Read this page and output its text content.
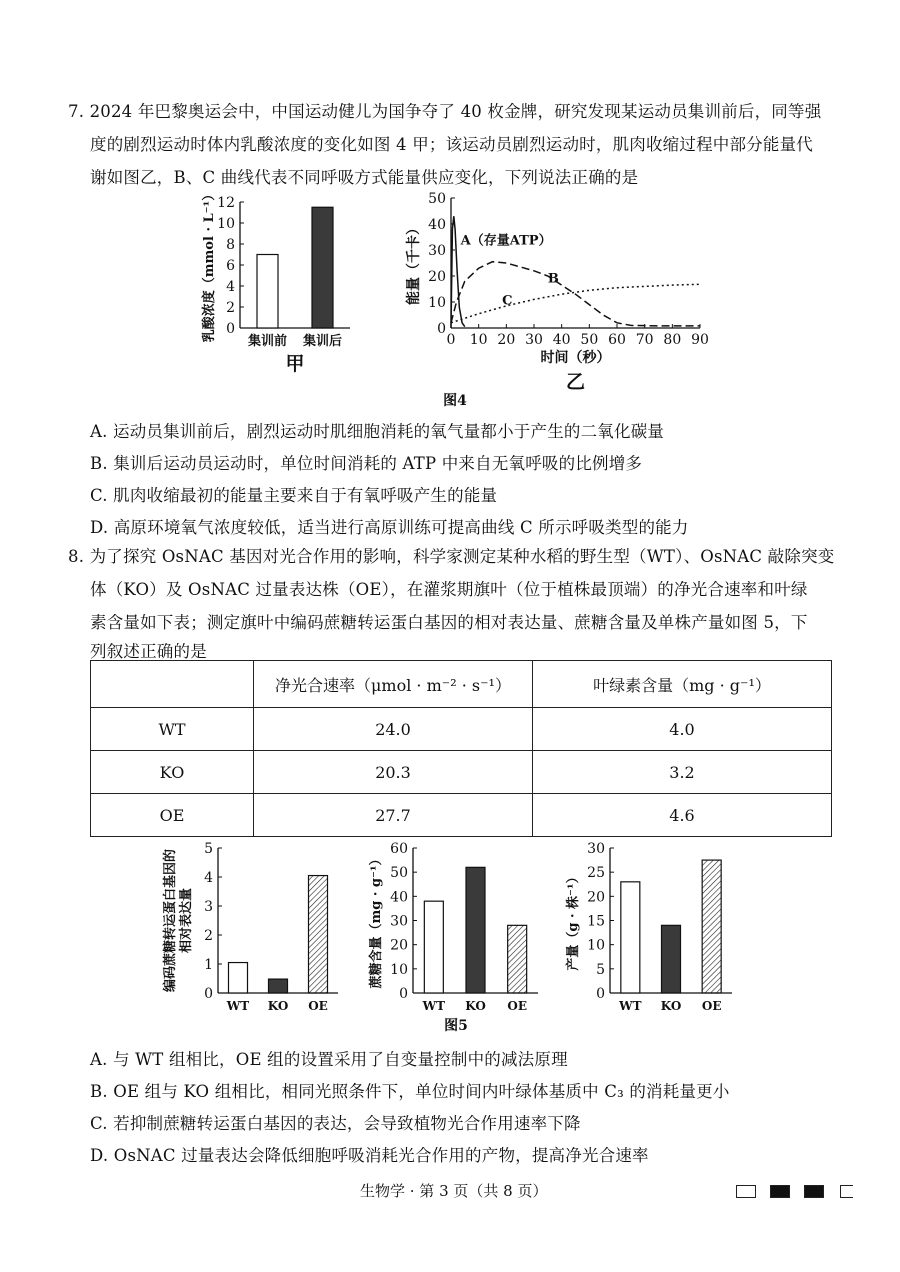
7. 2024 年巴黎奥运会中，中国运动健儿为国争夺了 40 枚金牌，研究发现某运动员集训前后，同等强
度的剧烈运动时体内乳酸浓度的变化如图 4 甲；该运动员剧烈运动时，肌肉收缩过程中部分能量代
谢如图乙，B、C 曲线代表不同呼吸方式能量供应变化，下列说法正确的是
0
2
4
6
8
10
12
集训前 集训后
乳酸浓度（mmol · L⁻¹）
甲
0
10
20
30
40
50
0 10 20 30 40 50 60 70 80 90
A（存量ATP）
B
C
时间（秒）
能量（千卡）
乙
图4
A. 运动员集训前后，剧烈运动时肌细胞消耗的氧气量都小于产生的二氧化碳量
B. 集训后运动员运动时，单位时间消耗的 ATP 中来自无氧呼吸的比例增多
C. 肌肉收缩最初的能量主要来自于有氧呼吸产生的能量
D. 高原环境氧气浓度较低，适当进行高原训练可提高曲线 C 所示呼吸类型的能力
8. 为了探究 OsNAC 基因对光合作用的影响，科学家测定某种水稻的野生型（WT）、OsNAC 敲除突变
体（KO）及 OsNAC 过量表达株（OE），在灌浆期旗叶（位于植株最顶端）的净光合速率和叶绿
素含量如下表；测定旗叶中编码蔗糖转运蛋白基因的相对表达量、蔗糖含量及单株产量如图 5，下
列叙述正确的是
	净光合速率（μmol · m⁻² · s⁻¹）	叶绿素含量（mg · g⁻¹）
WT	24.0	4.0
KO	20.3	3.2
OE	27.7	4.6
0
1
2
3
4
5
WT KO OE
编码蔗糖转运蛋白基因的 相对表达量
0
10
20
30
40
50
60
WT KO OE
蔗糖含量（mg · g⁻¹）
0
5
10
15
20
25
30
WT KO OE
产量（g · 株⁻¹）
图5
A. 与 WT 组相比，OE 组的设置采用了自变量控制中的减法原理
B. OE 组与 KO 组相比，相同光照条件下，单位时间内叶绿体基质中 C₃ 的消耗量更小
C. 若抑制蔗糖转运蛋白基因的表达，会导致植物光合作用速率下降
D. OsNAC 过量表达会降低细胞呼吸消耗光合作用的产物，提高净光合速率
生物学 · 第 3 页（共 8 页）
